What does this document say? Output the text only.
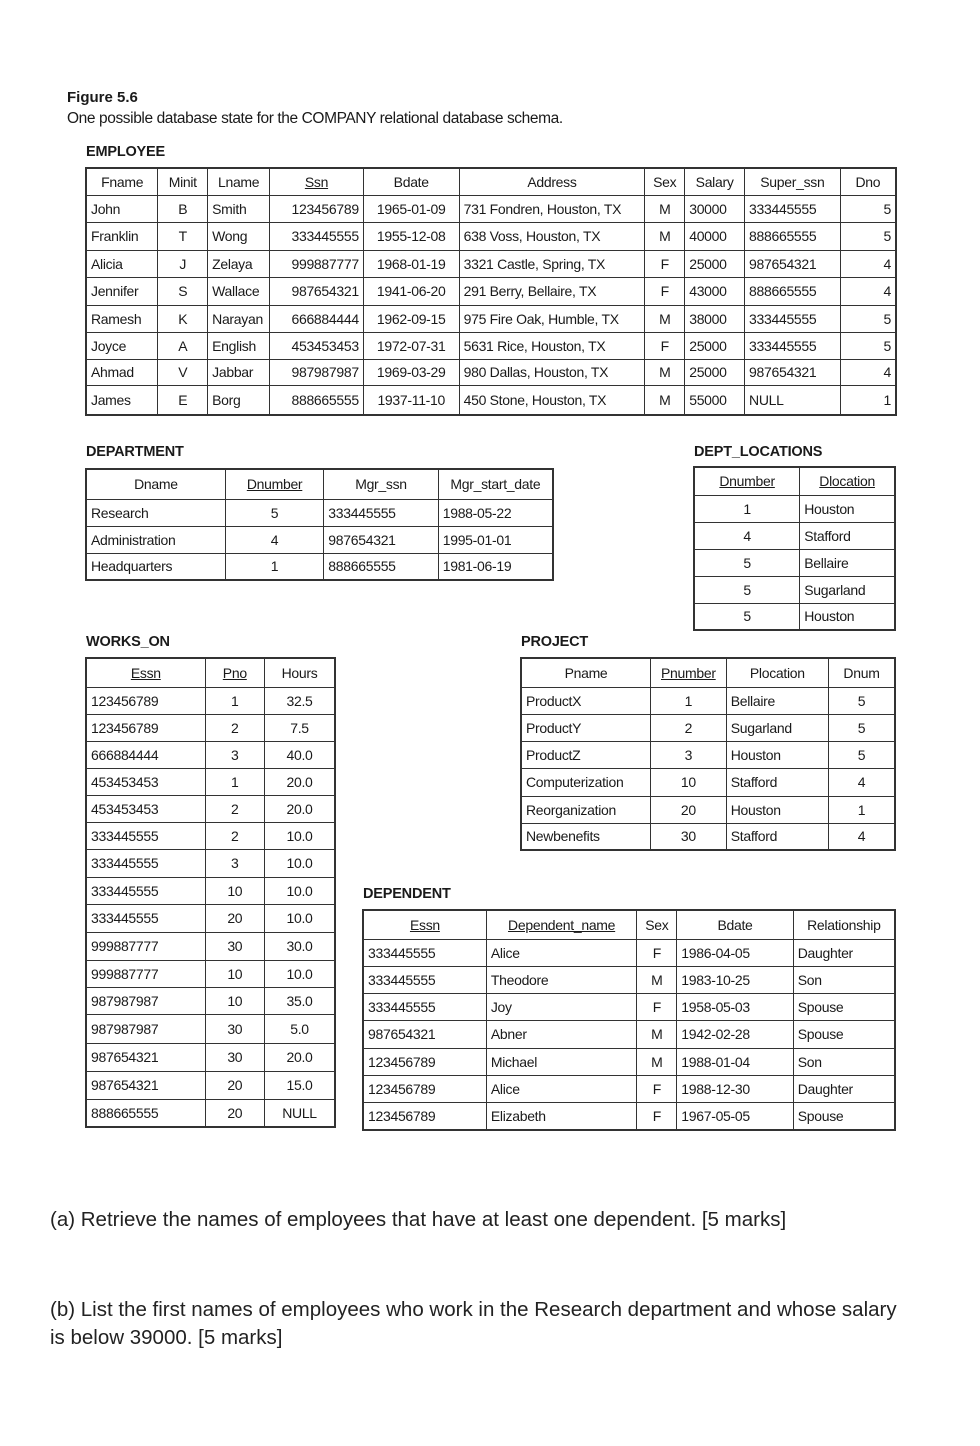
Figure 5.6
One possible database state for the COMPANY relational database schema.
EMPLOYEE
Fname	Minit	Lname	Ssn	Bdate	Address	Sex	Salary	Super_ssn	Dno
John	B	Smith	123456789	1965-01-09	731 Fondren, Houston, TX	M	30000	333445555	5
Franklin	T	Wong	333445555	1955-12-08	638 Voss, Houston, TX	M	40000	888665555	5
Alicia	J	Zelaya	999887777	1968-01-19	3321 Castle, Spring, TX	F	25000	987654321	4
Jennifer	S	Wallace	987654321	1941-06-20	291 Berry, Bellaire, TX	F	43000	888665555	4
Ramesh	K	Narayan	666884444	1962-09-15	975 Fire Oak, Humble, TX	M	38000	333445555	5
Joyce	A	English	453453453	1972-07-31	5631 Rice, Houston, TX	F	25000	333445555	5
Ahmad	V	Jabbar	987987987	1969-03-29	980 Dallas, Houston, TX	M	25000	987654321	4
James	E	Borg	888665555	1937-11-10	450 Stone, Houston, TX	M	55000	NULL	1
DEPARTMENT
Dname	Dnumber	Mgr_ssn	Mgr_start_date
Research	5	333445555	1988-05-22
Administration	4	987654321	1995-01-01
Headquarters	1	888665555	1981-06-19
DEPT_LOCATIONS
Dnumber	Dlocation
1	Houston
4	Stafford
5	Bellaire
5	Sugarland
5	Houston
WORKS_ON
Essn	Pno	Hours
123456789	1	32.5
123456789	2	7.5
666884444	3	40.0
453453453	1	20.0
453453453	2	20.0
333445555	2	10.0
333445555	3	10.0
333445555	10	10.0
333445555	20	10.0
999887777	30	30.0
999887777	10	10.0
987987987	10	35.0
987987987	30	5.0
987654321	30	20.0
987654321	20	15.0
888665555	20	NULL
PROJECT
Pname	Pnumber	Plocation	Dnum
ProductX	1	Bellaire	5
ProductY	2	Sugarland	5
ProductZ	3	Houston	5
Computerization	10	Stafford	4
Reorganization	20	Houston	1
Newbenefits	30	Stafford	4
DEPENDENT
Essn	Dependent_name	Sex	Bdate	Relationship
333445555	Alice	F	1986-04-05	Daughter
333445555	Theodore	M	1983-10-25	Son
333445555	Joy	F	1958-05-03	Spouse
987654321	Abner	M	1942-02-28	Spouse
123456789	Michael	M	1988-01-04	Son
123456789	Alice	F	1988-12-30	Daughter
123456789	Elizabeth	F	1967-05-05	Spouse
(a) Retrieve the names of employees that have at least one dependent. [5 marks]
(b) List the first names of employees who work in the Research department and whose salary is below 39000. [5 marks]
